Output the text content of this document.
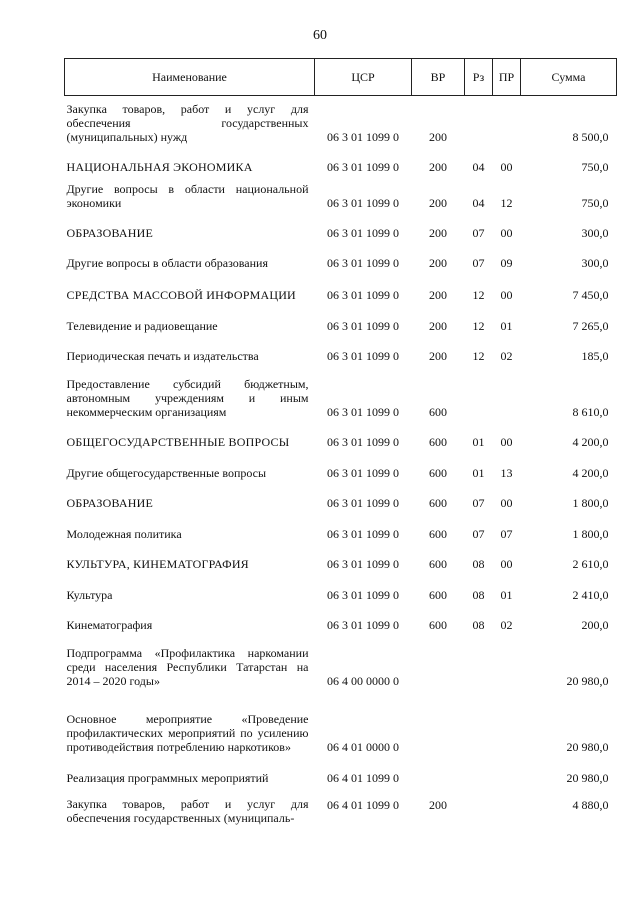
60
Наименование	ЦСР	ВР	Рз	ПР	Сумма
Закупка товаров, работ и услуг для обеспечения государственных (муниципальных) нужд	06 3 01 1099 0	200			8 500,0
НАЦИОНАЛЬНАЯ ЭКОНОМИКА	06 3 01 1099 0	200	04	00	750,0
Другие вопросы в области национальной экономики	06 3 01 1099 0	200	04	12	750,0
ОБРАЗОВАНИЕ	06 3 01 1099 0	200	07	00	300,0
Другие вопросы в области образования	06 3 01 1099 0	200	07	09	300,0
СРЕДСТВА МАССОВОЙ ИНФОРМАЦИИ	06 3 01 1099 0	200	12	00	7 450,0
Телевидение и радиовещание	06 3 01 1099 0	200	12	01	7 265,0
Периодическая печать и издательства	06 3 01 1099 0	200	12	02	185,0
Предоставление субсидий бюджетным, автономным учреждениям и иным некоммерческим организациям	06 3 01 1099 0	600			8 610,0
ОБЩЕГОСУДАРСТВЕННЫЕ ВОПРОСЫ	06 3 01 1099 0	600	01	00	4 200,0
Другие общегосударственные вопросы	06 3 01 1099 0	600	01	13	4 200,0
ОБРАЗОВАНИЕ	06 3 01 1099 0	600	07	00	1 800,0
Молодежная политика	06 3 01 1099 0	600	07	07	1 800,0
КУЛЬТУРА, КИНЕМАТОГРАФИЯ	06 3 01 1099 0	600	08	00	2 610,0
Культура	06 3 01 1099 0	600	08	01	2 410,0
Кинематография	06 3 01 1099 0	600	08	02	200,0
Подпрограмма «Профилактика наркомании среди населения Республики Татарстан на 2014 – 2020 годы»	06 4 00 0000 0				20 980,0
Основное мероприятие «Проведение профилактических мероприятий по усилению противодействия потреблению наркотиков»	06 4 01 0000 0				20 980,0
Реализация программных мероприятий	06 4 01 1099 0				20 980,0
Закупка товаров, работ и услуг для обеспечения государственных (муниципаль-	06 4 01 1099 0	200			4 880,0
